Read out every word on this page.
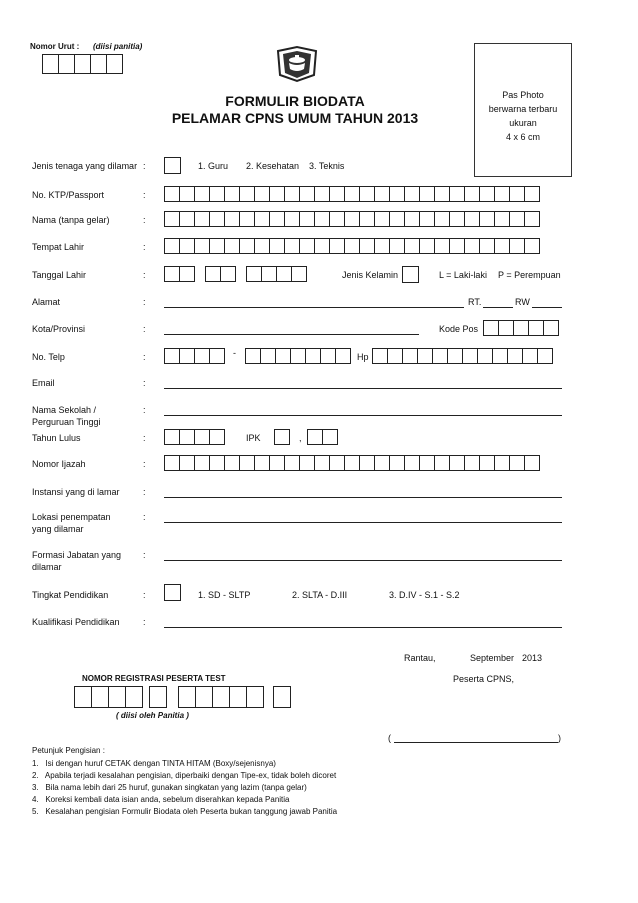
Nomor Urut : (diisi panitia)
FORMULIR BIODATA
PELAMAR CPNS UMUM TAHUN 2013
Pas Photo
berwarna terbaru
ukuran
4 x 6 cm
Jenis tenaga yang dilamar :	1. Guru 2. Kesehatan 3. Teknis
No. KTP/Passport	:
Nama (tanpa gelar)	:
Tempat Lahir	:
Tanggal Lahir	:	Jenis Kelamin	L = Laki-laki P = Perempuan
Alamat	:	RT.	RW
Kota/Provinsi	:	Kode Pos
No. Telp	:	-	Hp
Email	:
Nama Sekolah /
Perguruan Tinggi
:
Tahun Lulus	:	IPK	,
Nomor Ijazah	:
Instansi yang di lamar	:
Lokasi penempatan
yang dilamar
:
Formasi Jabatan yang
dilamar
:
Tingkat Pendidikan	:	1. SD - SLTP	2. SLTA - D.III	3. D.IV - S.1 - S.2
Kualifikasi Pendidikan	:
Rantau,	September 2013
Peserta CPNS,
NOMOR REGISTRASI PESERTA TEST
( diisi oleh Panitia )
(	)
Petunjuk Pengisian :
1.   Isi dengan huruf CETAK dengan TINTA HITAM (Boxy/sejenisnya)
2.   Apabila terjadi kesalahan pengisian, diperbaiki dengan Tipe-ex, tidak boleh dicoret
3.   Bila nama lebih dari 25 huruf, gunakan singkatan yang lazim (tanpa gelar)
4.   Koreksi kembali data isian anda, sebelum diserahkan kepada Panitia
5.   Kesalahan pengisian Formulir Biodata oleh Peserta bukan tanggung jawab Panitia
